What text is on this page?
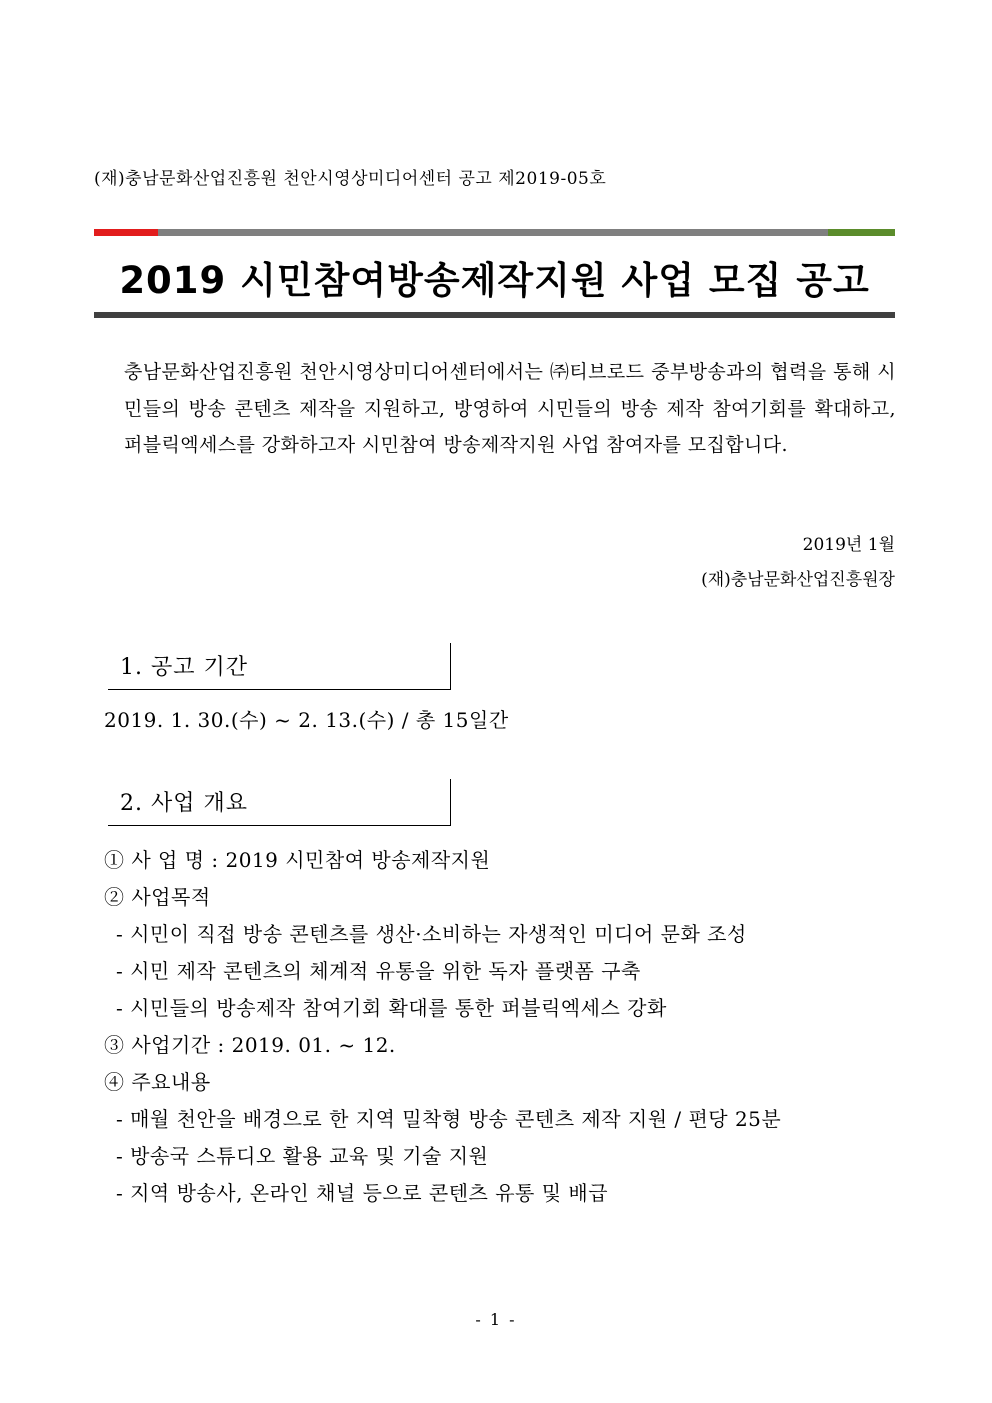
(재)충남문화산업진흥원 천안시영상미디어센터 공고 제2019-05호
2019 시민참여방송제작지원 사업 모집 공고
충남문화산업진흥원 천안시영상미디어센터에서는 ㈜티브로드 중부방송과의 협력을 통해 시민들의 방송 콘텐츠 제작을 지원하고, 방영하여 시민들의 방송 제작 참여기회를 확대하고, 퍼블릭엑세스를 강화하고자 시민참여 방송제작지원 사업 참여자를 모집합니다.
2019년 1월
(재)충남문화산업진흥원장
1. 공고 기간
2019. 1. 30.(수) ~ 2. 13.(수) / 총 15일간
2. 사업 개요
① 사 업 명 : 2019 시민참여 방송제작지원
② 사업목적
- 시민이 직접 방송 콘텐츠를 생산·소비하는 자생적인 미디어 문화 조성
- 시민 제작 콘텐츠의 체계적 유통을 위한 독자 플랫폼 구축
- 시민들의 방송제작 참여기회 확대를 통한 퍼블릭엑세스 강화
③ 사업기간 : 2019. 01. ~ 12.
④ 주요내용
- 매월 천안을 배경으로 한 지역 밀착형 방송 콘텐츠 제작 지원 / 편당 25분
- 방송국 스튜디오 활용 교육 및 기술 지원
- 지역 방송사, 온라인 채널 등으로 콘텐츠 유통 및 배급
- 1 -
